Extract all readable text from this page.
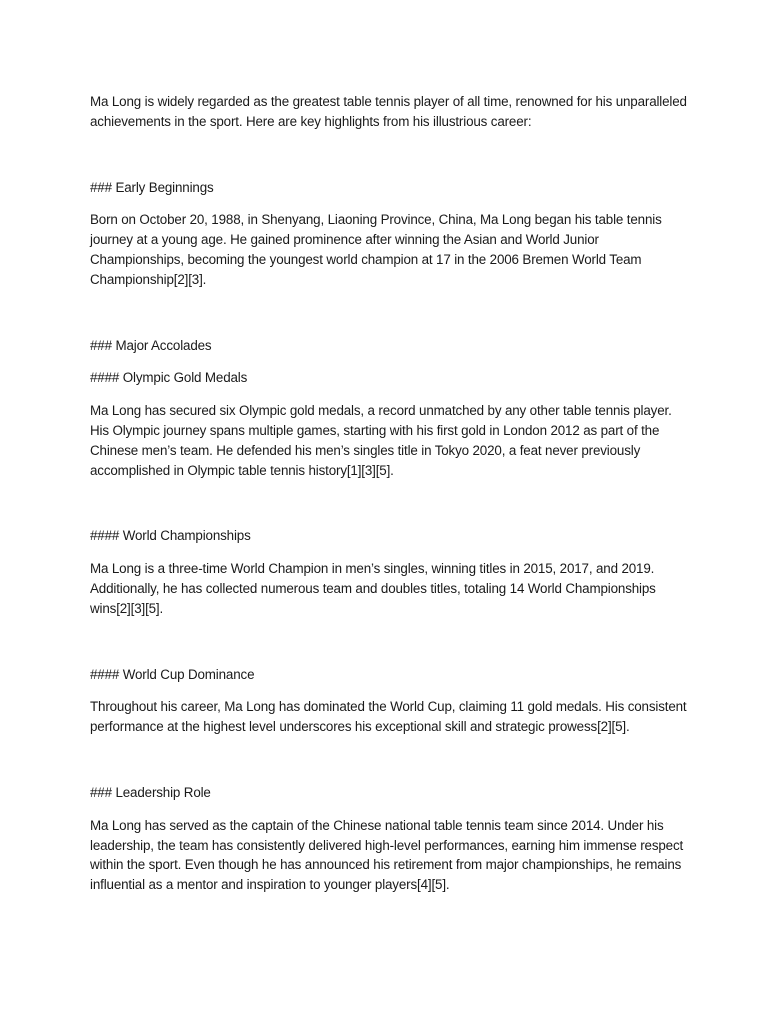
Ma Long is widely regarded as the greatest table tennis player of all time, renowned for his unparalleled achievements in the sport. Here are key highlights from his illustrious career:

### Early Beginnings

Born on October 20, 1988, in Shenyang, Liaoning Province, China, Ma Long began his table tennis journey at a young age. He gained prominence after winning the Asian and World Junior Championships, becoming the youngest world champion at 17 in the 2006 Bremen World Team Championship[2][3].

### Major Accolades

#### Olympic Gold Medals

Ma Long has secured six Olympic gold medals, a record unmatched by any other table tennis player. His Olympic journey spans multiple games, starting with his first gold in London 2012 as part of the Chinese men’s team. He defended his men’s singles title in Tokyo 2020, a feat never previously accomplished in Olympic table tennis history[1][3][5].

#### World Championships

Ma Long is a three-time World Champion in men’s singles, winning titles in 2015, 2017, and 2019. Additionally, he has collected numerous team and doubles titles, totaling 14 World Championships wins[2][3][5].

#### World Cup Dominance

Throughout his career, Ma Long has dominated the World Cup, claiming 11 gold medals. His consistent performance at the highest level underscores his exceptional skill and strategic prowess[2][5].

### Leadership Role

Ma Long has served as the captain of the Chinese national table tennis team since 2014. Under his leadership, the team has consistently delivered high-level performances, earning him immense respect within the sport. Even though he has announced his retirement from major championships, he remains influential as a mentor and inspiration to younger players[4][5].
